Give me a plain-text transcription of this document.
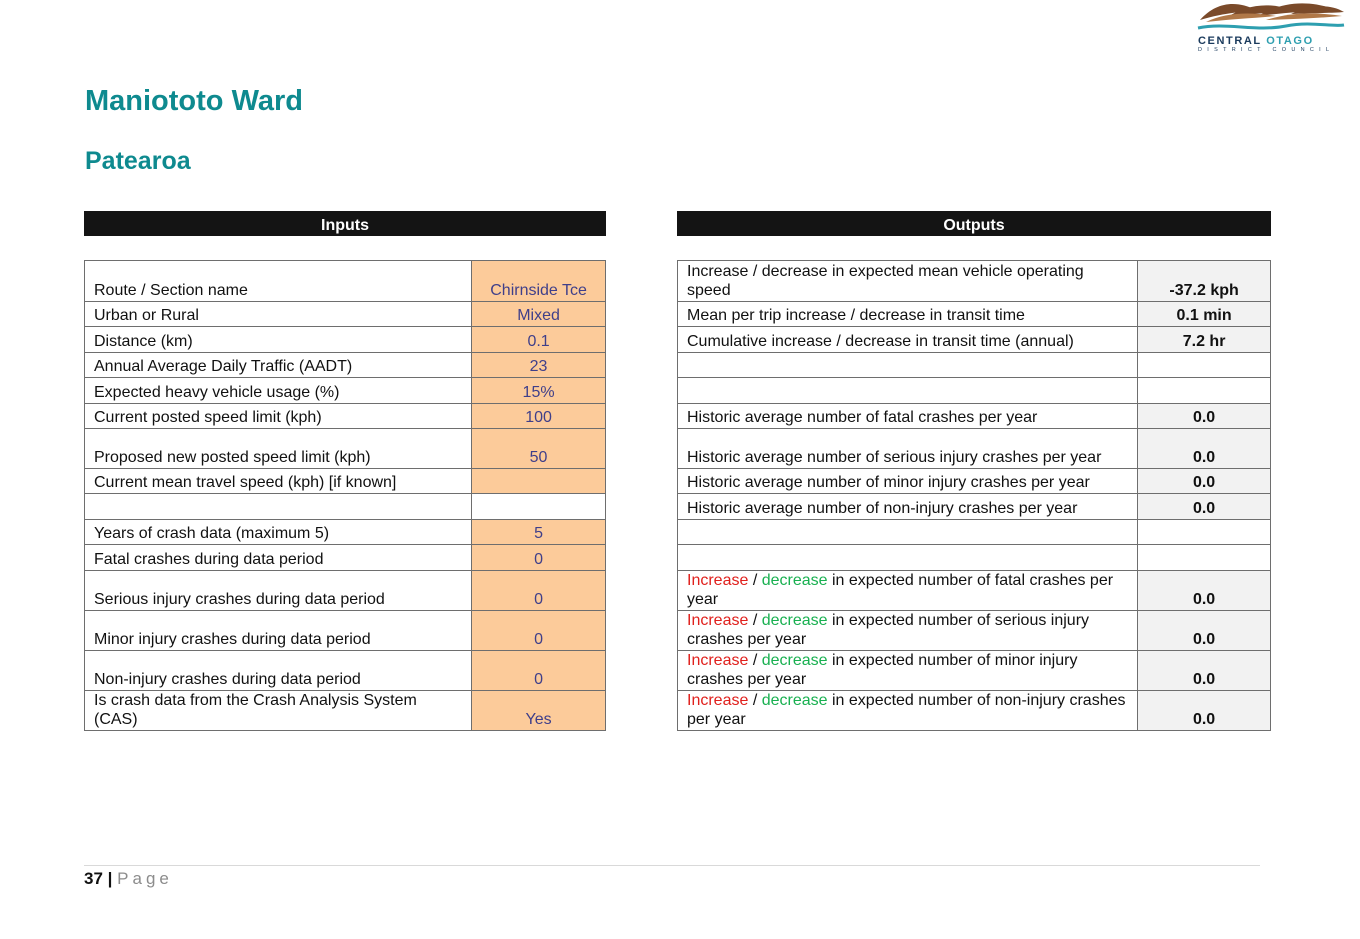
CENTRAL OTAGO
DISTRICT COUNCIL
Maniototo Ward
Patearoa
Inputs
Route / Section name	Chirnside Tce
Urban or Rural	Mixed
Distance (km)	0.1
Annual Average Daily Traffic (AADT)	23
Expected heavy vehicle usage (%)	15%
Current posted speed limit (kph)	100
Proposed new posted speed limit (kph)	50
Current mean travel speed (kph) [if known]	

Years of crash data (maximum 5)	5
Fatal crashes during data period	0
Serious injury crashes during data period	0
Minor injury crashes during data period	0
Non-injury crashes during data period	0
Is crash data from the Crash Analysis System (CAS)	Yes
Outputs
Increase / decrease in expected mean vehicle operating speed	-37.2 kph
Mean per trip increase / decrease in transit time	0.1 min
Cumulative increase / decrease in transit time (annual)	7.2 hr

Historic average number of fatal crashes per year	0.0
Historic average number of serious injury crashes per year	0.0
Historic average number of minor injury crashes per year	0.0
Historic average number of non-injury crashes per year	0.0

Increase / decrease in expected number of fatal crashes per year	0.0
Increase / decrease in expected number of serious injury crashes per year	0.0
Increase / decrease in expected number of minor injury crashes per year	0.0
Increase / decrease in expected number of non-injury crashes per year	0.0
37 | Page
